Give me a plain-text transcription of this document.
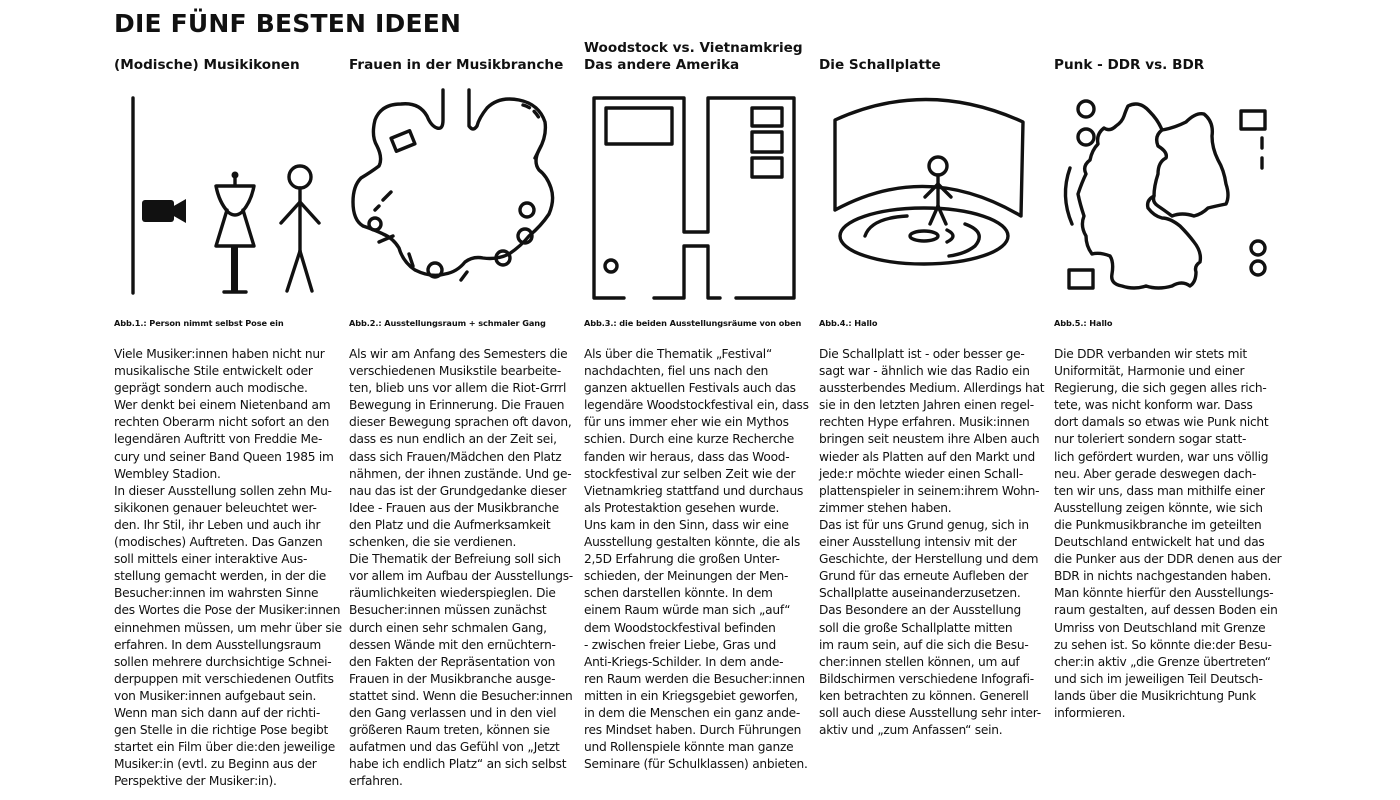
DIE FÜNF BESTEN IDEEN
(Modische) Musikikonen
Abb.1.: Person nimmt selbst Pose ein
Viele Musiker:innen haben nicht nur
musikalische Stile entwickelt oder
geprägt sondern auch modische.
Wer denkt bei einem Nietenband am
rechten Oberarm nicht sofort an den
legendären Auftritt von Freddie Me-
cury und seiner Band Queen 1985 im
Wembley Stadion.
In dieser Ausstellung sollen zehn Mu-
sikikonen genauer beleuchtet wer-
den. Ihr Stil, ihr Leben und auch ihr
(modisches) Auftreten. Das Ganzen
soll mittels einer interaktive Aus-
stellung gemacht werden, in der die
Besucher:innen im wahrsten Sinne
des Wortes die Pose der Musiker:innen
einnehmen müssen, um mehr über sie
erfahren. In dem Ausstellungsraum
sollen mehrere durchsichtige Schnei-
derpuppen mit verschiedenen Outfits
von Musiker:innen aufgebaut sein.
Wenn man sich dann auf der richti-
gen Stelle in die richtige Pose begibt
startet ein Film über die:den jeweilige
Musiker:in (evtl. zu Beginn aus der
Perspektive der Musiker:in).
Frauen in der Musikbranche
Abb.2.: Ausstellungsraum + schmaler Gang
Als wir am Anfang des Semesters die
verschiedenen Musikstile bearbeite-
ten, blieb uns vor allem die Riot-Grrrl
Bewegung in Erinnerung. Die Frauen
dieser Bewegung sprachen oft davon,
dass es nun endlich an der Zeit sei,
dass sich Frauen/Mädchen den Platz
nähmen, der ihnen zustände. Und ge-
nau das ist der Grundgedanke dieser
Idee - Frauen aus der Musikbranche
den Platz und die Aufmerksamkeit
schenken, die sie verdienen.
Die Thematik der Befreiung soll sich
vor allem im Aufbau der Ausstellungs-
räumlichkeiten wiederspieglen. Die
Besucher:innen müssen zunächst
durch einen sehr schmalen Gang,
dessen Wände mit den ernüchtern-
den Fakten der Repräsentation von
Frauen in der Musikbranche ausge-
stattet sind. Wenn die Besucher:innen
den Gang verlassen und in den viel
größeren Raum treten, können sie
aufatmen und das Gefühl von „Jetzt
habe ich endlich Platz“ an sich selbst
erfahren.
Woodstock vs. Vietnamkrieg
Das andere Amerika
Abb.3.: die beiden Ausstellungsräume von oben
Als über die Thematik „Festival“
nachdachten, fiel uns nach den
ganzen aktuellen Festivals auch das
legendäre Woodstockfestival ein, dass
für uns immer eher wie ein Mythos
schien. Durch eine kurze Recherche
fanden wir heraus, dass das Wood-
stockfestival zur selben Zeit wie der
Vietnamkrieg stattfand und durchaus
als Protestaktion gesehen wurde.
Uns kam in den Sinn, dass wir eine
Ausstellung gestalten könnte, die als
2,5D Erfahrung die großen Unter-
schieden, der Meinungen der Men-
schen darstellen könnte. In dem
einem Raum würde man sich „auf“
dem Woodstockfestival befinden
- zwischen freier Liebe, Gras und
Anti-Kriegs-Schilder. In dem ande-
ren Raum werden die Besucher:innen
mitten in ein Kriegsgebiet geworfen,
in dem die Menschen ein ganz ande-
res Mindset haben. Durch Führungen
und Rollenspiele könnte man ganze
Seminare (für Schulklassen) anbieten.
Die Schallplatte
Abb.4.: Hallo
Die Schallplatt ist - oder besser ge-
sagt war - ähnlich wie das Radio ein
aussterbendes Medium. Allerdings hat
sie in den letzten Jahren einen regel-
rechten Hype erfahren. Musik:innen
bringen seit neustem ihre Alben auch
wieder als Platten auf den Markt und
jede:r möchte wieder einen Schall-
plattenspieler in seinem:ihrem Wohn-
zimmer stehen haben.
Das ist für uns Grund genug, sich in
einer Ausstellung intensiv mit der
Geschichte, der Herstellung und dem
Grund für das erneute Aufleben der
Schallplatte auseinanderzusetzen.
Das Besondere an der Ausstellung
soll die große Schallplatte mitten
im raum sein, auf die sich die Besu-
cher:innen stellen können, um auf
Bildschirmen verschiedene Infografi-
ken betrachten zu können. Generell
soll auch diese Ausstellung sehr inter-
aktiv und „zum Anfassen“ sein.
Punk - DDR vs. BDR
Abb.5.: Hallo
Die DDR verbanden wir stets mit
Uniformität, Harmonie und einer
Regierung, die sich gegen alles rich-
tete, was nicht konform war. Dass
dort damals so etwas wie Punk nicht
nur toleriert sondern sogar statt-
lich gefördert wurden, war uns völlig
neu. Aber gerade deswegen dach-
ten wir uns, dass man mithilfe einer
Ausstellung zeigen könnte, wie sich
die Punkmusikbranche im geteilten
Deutschland entwickelt hat und das
die Punker aus der DDR denen aus der
BDR in nichts nachgestanden haben.
Man könnte hierfür den Ausstellungs-
raum gestalten, auf dessen Boden ein
Umriss von Deutschland mit Grenze
zu sehen ist. So könnte die:der Besu-
cher:in aktiv „die Grenze übertreten“
und sich im jeweiligen Teil Deutsch-
lands über die Musikrichtung Punk
informieren.
